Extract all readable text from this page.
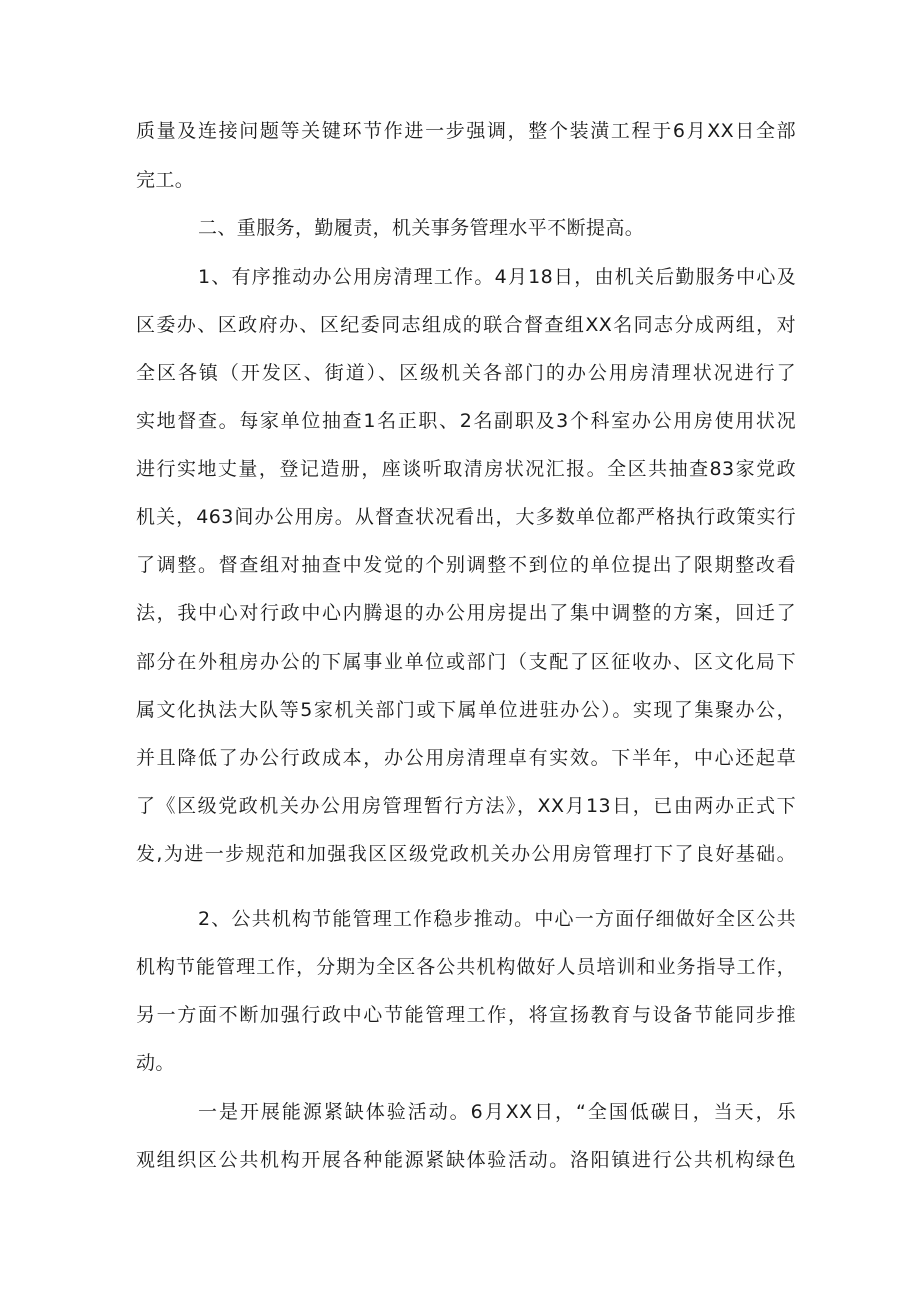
质量及连接问题等关键环节作进一步强调，整个装潢工程于6月XX日全部
完工。
二、重服务，勤履责，机关事务管理水平不断提高。
1、有序推动办公用房清理工作。4月18日，由机关后勤服务中心及
区委办、区政府办、区纪委同志组成的联合督查组XX名同志分成两组，对
全区各镇（开发区、街道）、区级机关各部门的办公用房清理状况进行了
实地督查。每家单位抽查1名正职、2名副职及3个科室办公用房使用状况
进行实地丈量，登记造册，座谈听取清房状况汇报。全区共抽查83家党政
机关，463间办公用房。从督查状况看出，大多数单位都严格执行政策实行
了调整。督查组对抽查中发觉的个别调整不到位的单位提出了限期整改看
法，我中心对行政中心内腾退的办公用房提出了集中调整的方案，回迁了
部分在外租房办公的下属事业单位或部门（支配了区征收办、区文化局下
属文化执法大队等5家机关部门或下属单位进驻办公）。实现了集聚办公，
并且降低了办公行政成本，办公用房清理卓有实效。下半年，中心还起草
了《区级党政机关办公用房管理暂行方法》，XX月13日，已由两办正式下
发,为进一步规范和加强我区区级党政机关办公用房管理打下了良好基础。
2、公共机构节能管理工作稳步推动。中心一方面仔细做好全区公共
机构节能管理工作，分期为全区各公共机构做好人员培训和业务指导工作，
另一方面不断加强行政中心节能管理工作，将宣扬教育与设备节能同步推
动。
一是开展能源紧缺体验活动。6月XX日，“全国低碳日，当天，乐
观组织区公共机构开展各种能源紧缺体验活动。洛阳镇进行公共机构绿色
